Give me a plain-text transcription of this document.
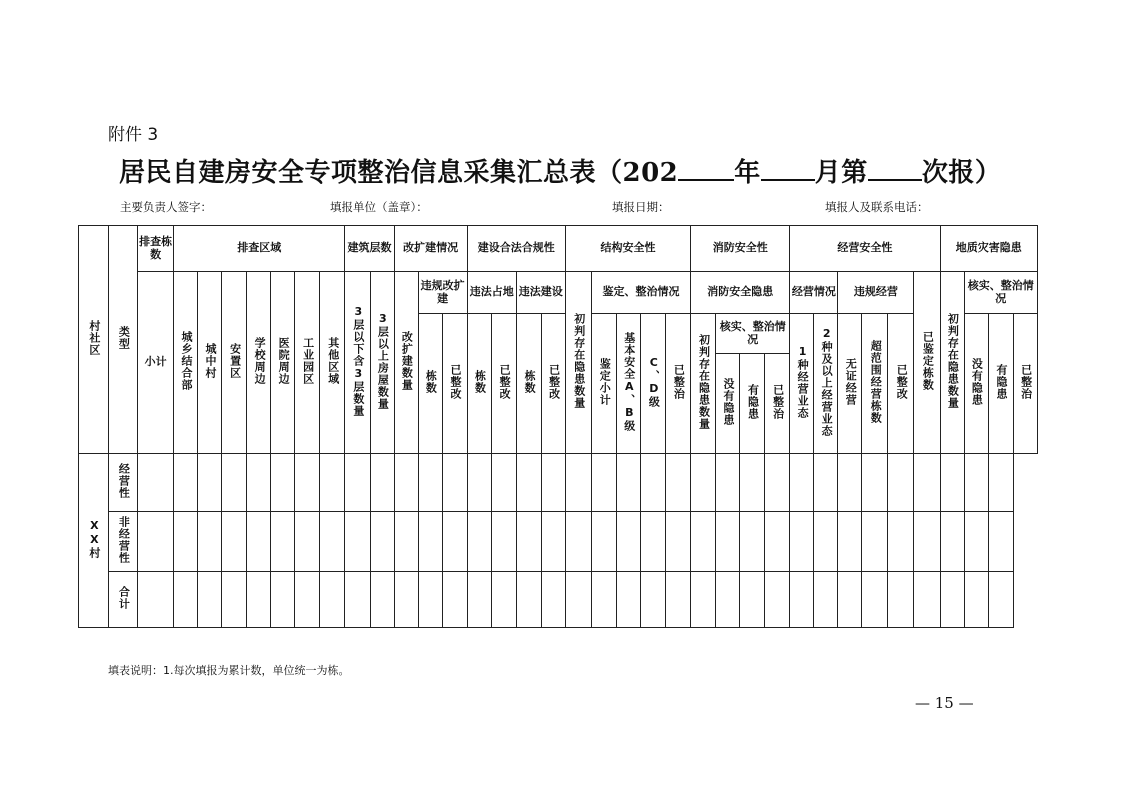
附件 3
居民自建房安全专项整治信息采集汇总表（202 年 月第 次报）
主要负责人签字：	填报单位（盖章）：	填报日期：	填报人及联系电话：
村社区	类型	排查栋数	排查区域							建筑层数		改扩建情况			建设合法合规性				结构安全性					消防安全性				经营安全性						地质灾害隐患			
		小计	城乡结合部	城中村	安置区	学校周边	医院周边	工业园区	其他区域	3层以下含3层数量	3层以上房屋数量	改扩建数量	违规改扩建		违法占地		违法建设		初判存在隐患数量	鉴定、整治情况				消防安全隐患				经营情况		违规经营			已鉴定栋数	初判存在隐患数量	核实、整治情况		
													栋数	已整改	栋数	已整改	栋数	已整改		鉴定小计	基本安全A、B级	C、D级	已整治	初判存在隐患数量	核实、整治情况			1种经营业态	2种及以上经营业态	无证经营	超范围经营栋数	已整改			没有隐患	有隐患	已整治
																									没有隐患	有隐患	已整治										
XX村	经营性																																				
	非经营性																																				
	合计																																				
填表说明：1.每次填报为累计数，单位统一为栋。
— 15 —
